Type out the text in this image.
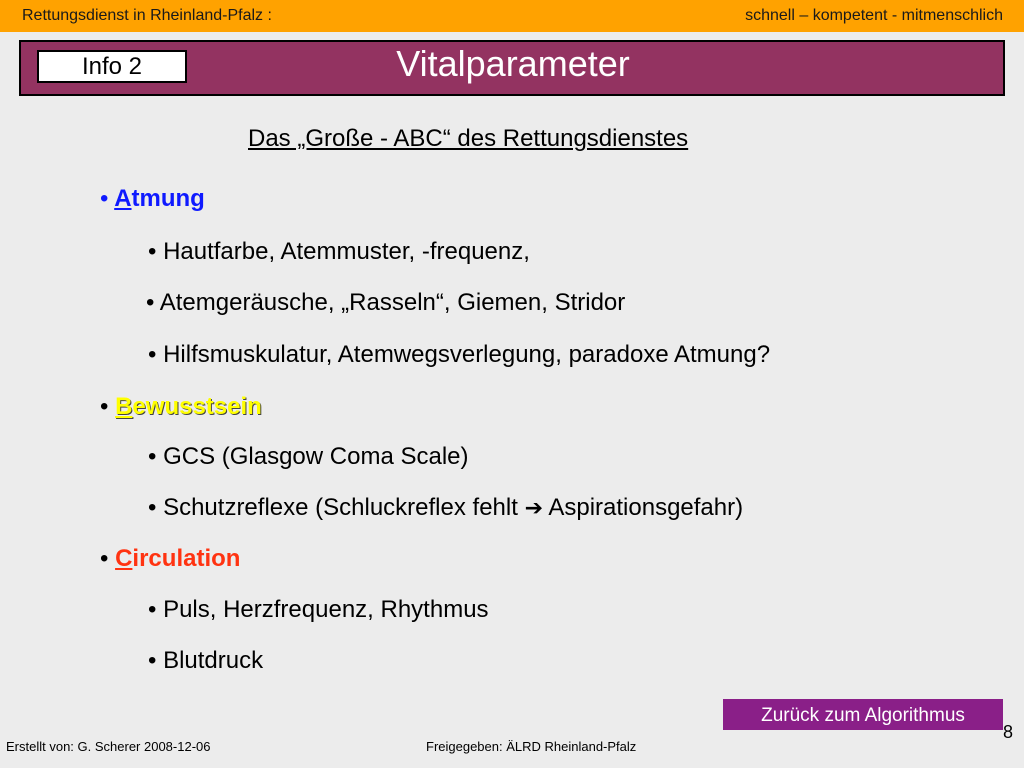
Rettungsdienst in Rheinland-Pfalz :	schnell – kompetent - mitmenschlich
Info 2	Vitalparameter
Das „Große - ABC“ des Rettungsdienstes
• Atmung
• Hautfarbe, Atemmuster, -frequenz,
• Atemgeräusche, „Rasseln“, Giemen, Stridor
• Hilfsmuskulatur, Atemwegsverlegung, paradoxe Atmung?
• Bewusstsein
• GCS (Glasgow Coma Scale)
• Schutzreflexe (Schluckreflex fehlt ➔ Aspirationsgefahr)
• Circulation
• Puls, Herzfrequenz, Rhythmus
• Blutdruck
Erstellt von: G. Scherer 2008-12-06	Freigegeben: ÄLRD Rheinland-Pfalz
Zurück zum Algorithmus
8
